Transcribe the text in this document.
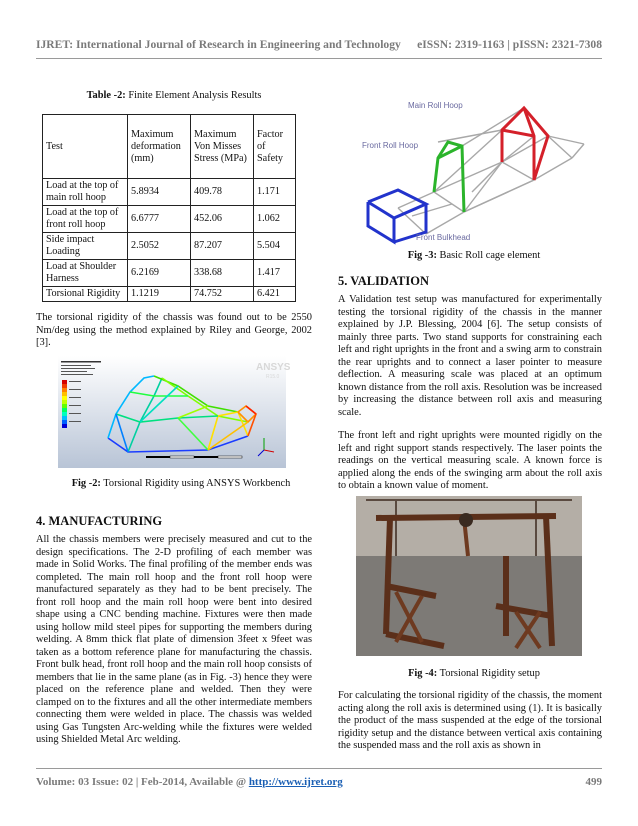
IJRET: International Journal of Research in Engineering and Technology eISSN: 2319-1163 | pISSN: 2321-7308

Table -2: Finite Element Analysis Results

Test	Maximum deformation (mm)	Maximum Von Misses Stress (MPa)	Factor of Safety
Load at the top of main roll hoop	5.8934	409.78	1.171
Load at the top of front roll hoop	6.6777	452.06	1.062
Side impact Loading	2.5052	87.207	5.504
Load at Shoulder Harness	6.2169	338.68	1.417
Torsional Rigidity	1.1219	74.752	6.421

The torsional rigidity of the chassis was found out to be 2550 Nm/deg using the method explained by Riley and George, 2002 [3].

ANSYS
R15.0

Fig -2: Torsional Rigidity using ANSYS Workbench

4. MANUFACTURING

All the chassis members were precisely measured and cut to the design specifications. The 2-D profiling of each member was made in Solid Works. The final profiling of the member ends was completed. The main roll hoop and the front roll hoop were manufactured separately as they had to be bent precisely. The front roll hoop and the main roll hoop were bent into desired shape using a CNC bending machine. Fixtures were then made using hollow mild steel pipes for supporting the members during welding. A 8mm thick flat plate of dimension 3feet x 9feet was taken as a bottom reference plane for manufacturing the chassis. Front bulk head, front roll hoop and the main roll hoop consists of members that lie in the same plane (as in Fig. -3) hence they were placed on the reference plane and welded. Then they were clamped on to the fixtures and all the other intermediate members connecting them were welded in place. The chassis was welded using Gas Tungsten Arc-welding while the fixtures were welded using Shielded Metal Arc welding.

Main Roll Hoop
Front Roll Hoop
Front Bulkhead

Fig -3: Basic Roll cage element

5. VALIDATION

A Validation test setup was manufactured for experimentally testing the torsional rigidity of the chassis in the manner explained by J.P. Blessing, 2004 [6]. The setup consists of mainly three parts. Two stand supports for constraining each left and right uprights in the front and a swing arm to constrain the rear uprights and to connect a laser pointer to measure deflection. A measuring scale was placed at an optimum known distance from the roll axis. Resolution was be increased by increasing the distance between roll axis and measuring scale.

The front left and right uprights were mounted rigidly on the left and right support stands respectively. The laser points the readings on the vertical measuring scale. A known force is applied along the ends of the swinging arm about the roll axis to obtain a known value of moment.

Fig -4: Torsional Rigidity setup

For calculating the torsional rigidity of the chassis, the moment acting along the roll axis is determined using (1). It is basically the product of the mass suspended at the edge of the torsional rigidity setup and the distance between vertical axis containing the suspended mass and the roll axis as shown in

Volume: 03 Issue: 02 | Feb-2014, Available @ http://www.ijret.org	499
